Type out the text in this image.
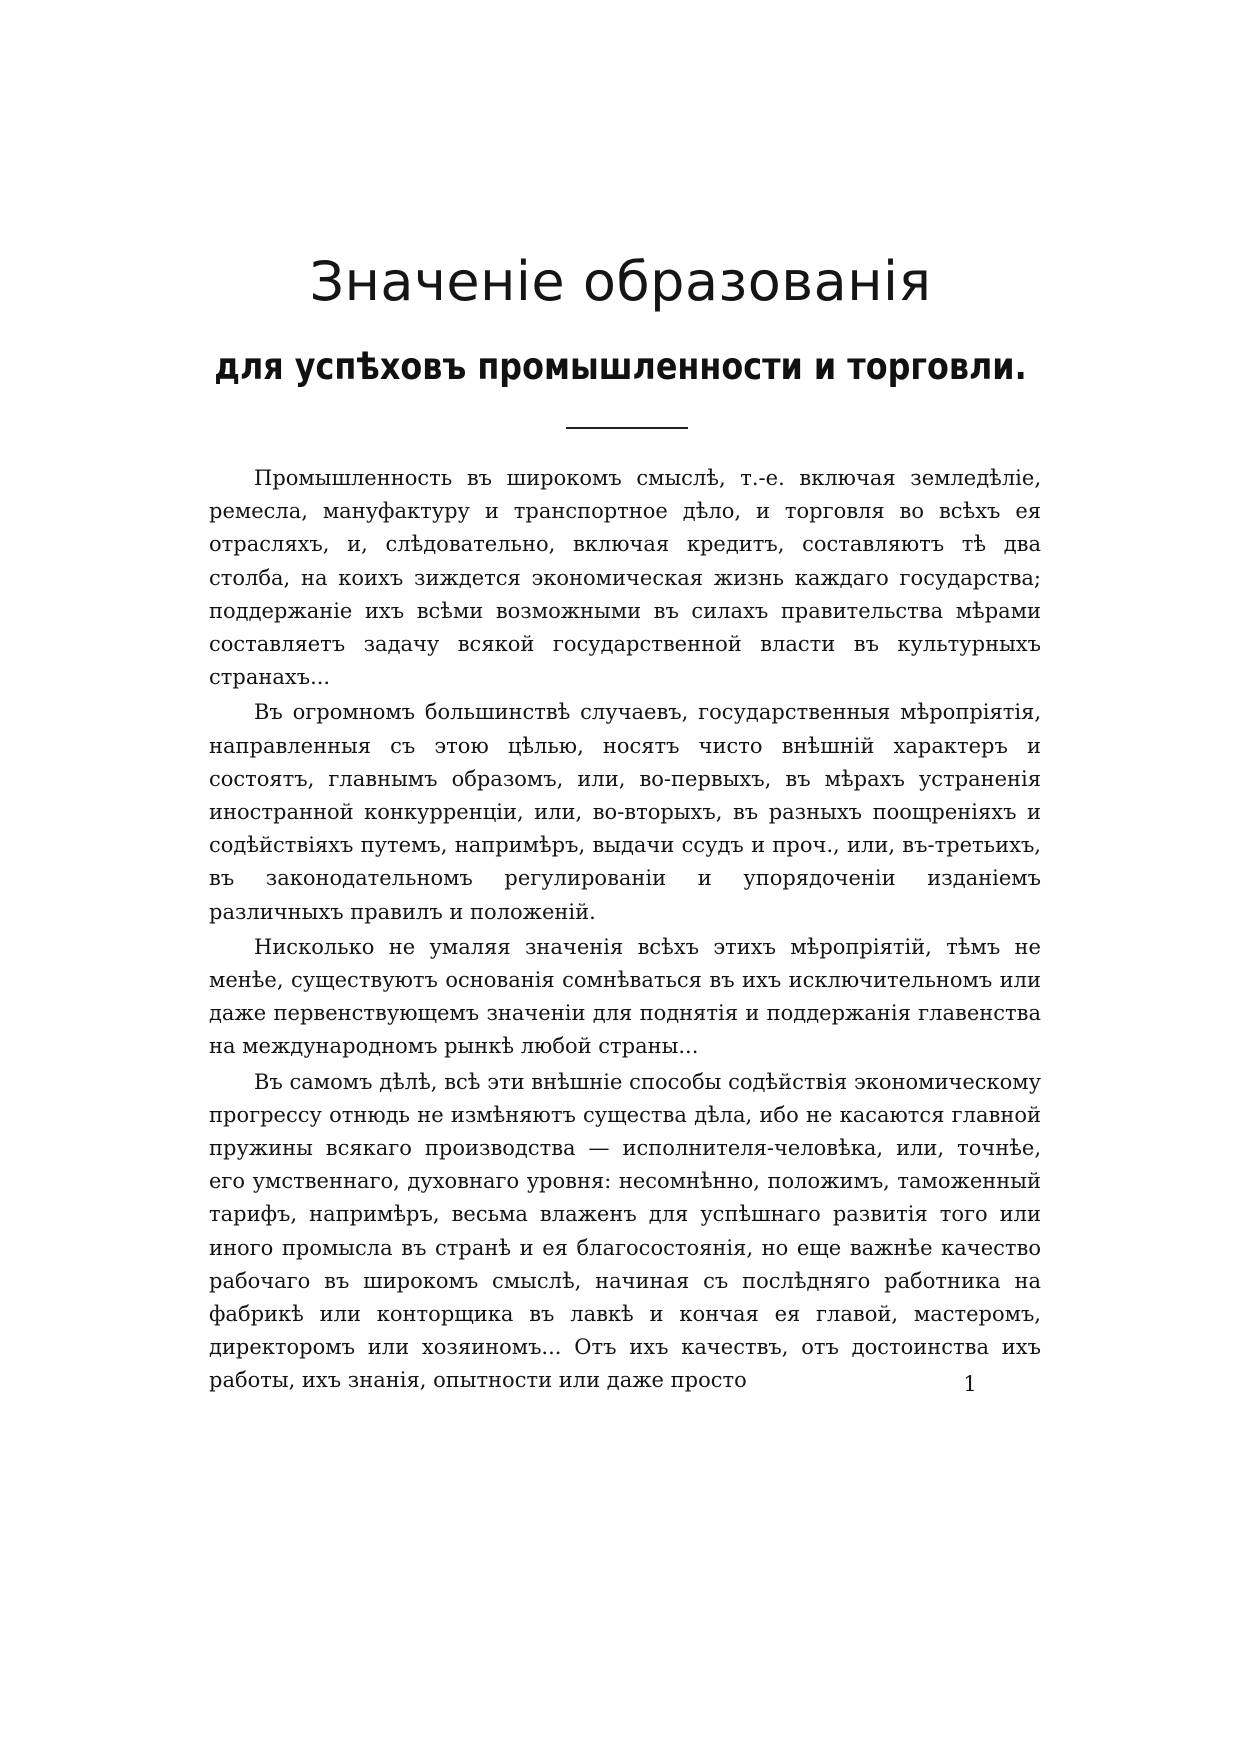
Значеніе образованія
для успѣховъ промышленности и торговли.

Промышленность въ широкомъ смыслѣ, т.-е. включая земледѣліе, ремесла, мануфактуру и транспортное дѣло, и торговля во всѣхъ ея отрасляхъ, и, слѣдовательно, включая кредитъ, составляютъ тѣ два столба, на коихъ зиждется экономическая жизнь каждаго государства; поддержаніе ихъ всѣми возможными въ силахъ правительства мѣрами составляетъ задачу всякой государственной власти въ культурныхъ странахъ...

Въ огромномъ большинствѣ случаевъ, государственныя мѣропріятія, направленныя съ этою цѣлью, носятъ чисто внѣшній характеръ и состоятъ, главнымъ образомъ, или, во-первыхъ, въ мѣрахъ устраненія иностранной конкурренціи, или, во-вторыхъ, въ разныхъ поощреніяхъ и содѣйствіяхъ путемъ, напримѣръ, выдачи ссудъ и проч., или, въ-третьихъ, въ законодательномъ регулированіи и упорядоченіи изданіемъ различныхъ правилъ и положеній.

Нисколько не умаляя значенія всѣхъ этихъ мѣропріятій, тѣмъ не менѣе, существуютъ основанія сомнѣваться въ ихъ исключительномъ или даже первенствующемъ значеніи для поднятія и поддержанія главенства на международномъ рынкѣ любой страны...

Въ самомъ дѣлѣ, всѣ эти внѣшніе способы содѣйствія экономическому прогрессу отнюдь не измѣняютъ существа дѣла, ибо не касаются главной пружины всякаго производства — исполнителя-человѣка, или, точнѣе, его умственнаго, духовнаго уровня: несомнѣнно, положимъ, таможенный тарифъ, напримѣръ, весьма влаженъ для успѣшнаго развитія того или иного промысла въ странѣ и ея благосостоянія, но еще важнѣе качество рабочаго въ широкомъ смыслѣ, начиная съ послѣдняго работника на фабрикѣ или конторщика въ лавкѣ и кончая ея главой, мастеромъ, директоромъ или хозяиномъ... Отъ ихъ качествъ, отъ достоинства ихъ работы, ихъ знанія, опытности или даже просто	1
